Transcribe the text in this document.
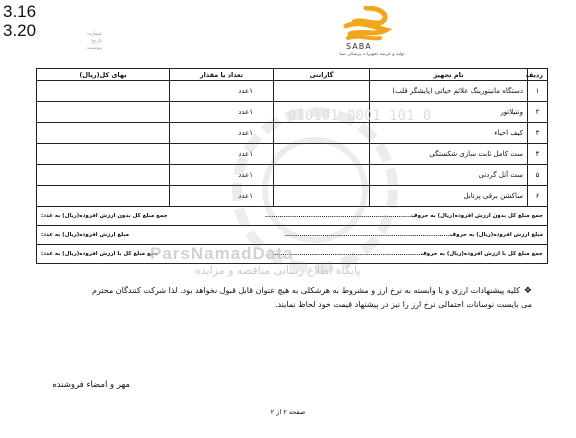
3.16
3.20	شماره:
تاریخ:
پیوست:	SABA
تولید و عرضه تجهیزات پزشکی صبا
ردیف	نام تجهیز	گارانتی	تعداد یا مقدار	بهای کل(ریال)
۱	دستگاه مانیتورینگ علائم حیاتی (پایشگر قلب)		۱عدد	
۲	ونتیلاتور		۱عدد	
۳	کیف احیاء		۱عدد	
۴	ست کامل ثابت سازی شکستگی		۱عدد	
۵	ست آتل گردنی		۱عدد	
۶	ساکشن برقی پرتابل		۱عدد	

جمع مبلغ کل بدون ارزش افزوده(ریال) به حروف......................................................................
جمع مبلغ کل بدون ارزش افزوده(ریال) به عدد:				

مبلغ ارزش افزوده(ریال) به حروف...............................................................................
مبلغ ارزش افزوده(ریال) به عدد:				

جمع مبلغ کل با ارزش افزوده(ریال) به حروف......................................................................
جمع مبلغ کل با ارزش افزوده(ریال) به عدد:				
010101 0001 101 0
ParsNamadData
پایگاه اطلاع رسانی مناقصه و مزایده
❖کلیه پیشنهادات ارزی و یا وابسته به نرخ ارز و مشروط به هرشکلی به هیچ عنوان قابل قبول نخواهد بود. لذا شرکت کنندگان محترم
می بایست نوسانات احتمالی نرخ ارز را نیز در پیشنهاد قیمت خود لحاظ نمایند.
مهر و امضاء فروشنده
صفحه ۲ از ۲
